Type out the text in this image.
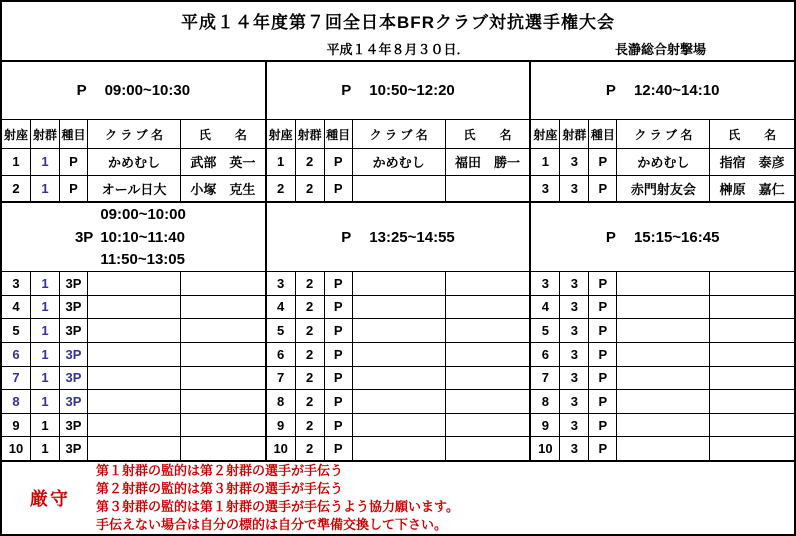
平成１４年度第７回全日本BFRクラブ対抗選手権大会
平成１４年８月３０日．	長瀞総合射撃場
P 09:00~10:30
射座 射群 種目	ク ラ ブ 名	氏　　名
1	1	P	かめむし	武部　英一
2	1	P	オール日大	小塚　克生
P 10:50~12:20
射座 射群 種目	ク ラ ブ 名	氏　　名
1	2	P	かめむし	福田　勝一
2	2	P
P 12:40~14:10
射座 射群 種目	ク ラ ブ 名	氏　　名
1	3	P	かめむし	指宿　泰彦
3	3	P	赤門射友会	榊原　嘉仁
09:00~10:00
3P 10:10~11:40
11:50~13:05
3	1	3P
4	1	3P
5	1	3P
6	1	3P
7	1	3P
8	1	3P
9	1	3P
10	1	3P
P 13:25~14:55
3	2	P
4	2	P
5	2	P
6	2	P
7	2	P
8	2	P
9	2	P
10	2	P
P 15:15~16:45
3	3	P
4	3	P
5	3	P
6	3	P
7	3	P
8	3	P
9	3	P
10	3	P
厳守
第１射群の監的は第２射群の選手が手伝う
第２射群の監的は第３射群の選手が手伝う
第３射群の監的は第１射群の選手が手伝うよう協力願います。
手伝えない場合は自分の標的は自分で準備交換して下さい。
